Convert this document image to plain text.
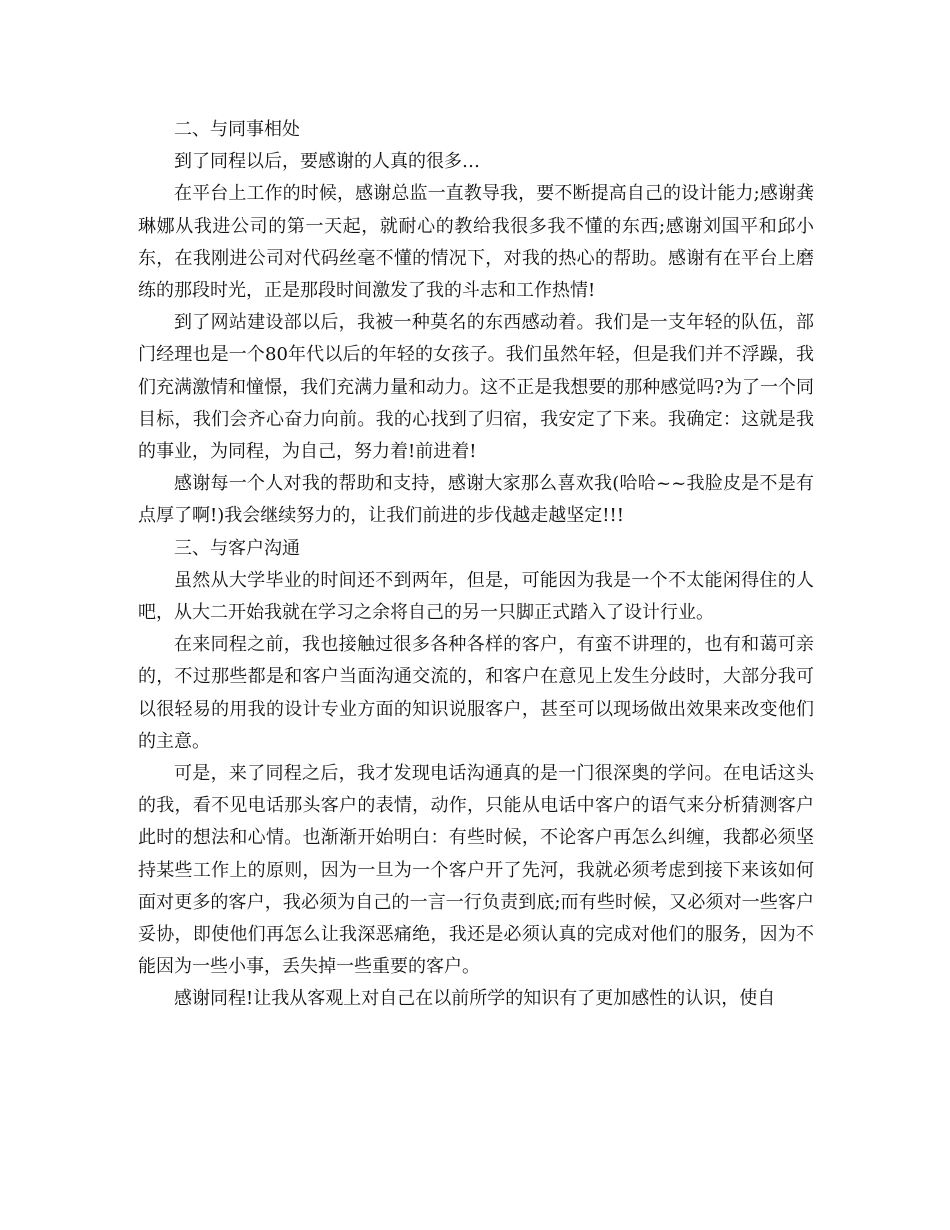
二、与同事相处

到了同程以后，要感谢的人真的很多…

在平台上工作的时候，感谢总监一直教导我，要不断提高自己的设计能力;感谢龚琳娜从我进公司的第一天起，就耐心的教给我很多我不懂的东西;感谢刘国平和邱小东，在我刚进公司对代码丝毫不懂的情况下，对我的热心的帮助。感谢有在平台上磨练的那段时光，正是那段时间激发了我的斗志和工作热情!

到了网站建设部以后，我被一种莫名的东西感动着。我们是一支年轻的队伍，部门经理也是一个80年代以后的年轻的女孩子。我们虽然年轻，但是我们并不浮躁，我们充满激情和憧憬，我们充满力量和动力。这不正是我想要的那种感觉吗?为了一个同目标，我们会齐心奋力向前。我的心找到了归宿，我安定了下来。我确定：这就是我的事业，为同程，为自己，努力着!前进着!

感谢每一个人对我的帮助和支持，感谢大家那么喜欢我(哈哈~~我脸皮是不是有点厚了啊!)我会继续努力的，让我们前进的步伐越走越坚定!!!

三、与客户沟通

虽然从大学毕业的时间还不到两年，但是，可能因为我是一个不太能闲得住的人吧，从大二开始我就在学习之余将自己的另一只脚正式踏入了设计行业。

在来同程之前，我也接触过很多各种各样的客户，有蛮不讲理的，也有和蔼可亲的，不过那些都是和客户当面沟通交流的，和客户在意见上发生分歧时，大部分我可以很轻易的用我的设计专业方面的知识说服客户，甚至可以现场做出效果来改变他们的主意。

可是，来了同程之后，我才发现电话沟通真的是一门很深奥的学问。在电话这头的我，看不见电话那头客户的表情，动作，只能从电话中客户的语气来分析猜测客户此时的想法和心情。也渐渐开始明白：有些时候，不论客户再怎么纠缠，我都必须坚持某些工作上的原则，因为一旦为一个客户开了先河，我就必须考虑到接下来该如何面对更多的客户，我必须为自己的一言一行负责到底;而有些时候，又必须对一些客户妥协，即使他们再怎么让我深恶痛绝，我还是必须认真的完成对他们的服务，因为不能因为一些小事，丢失掉一些重要的客户。

感谢同程!让我从客观上对自己在以前所学的知识有了更加感性的认识，使自
